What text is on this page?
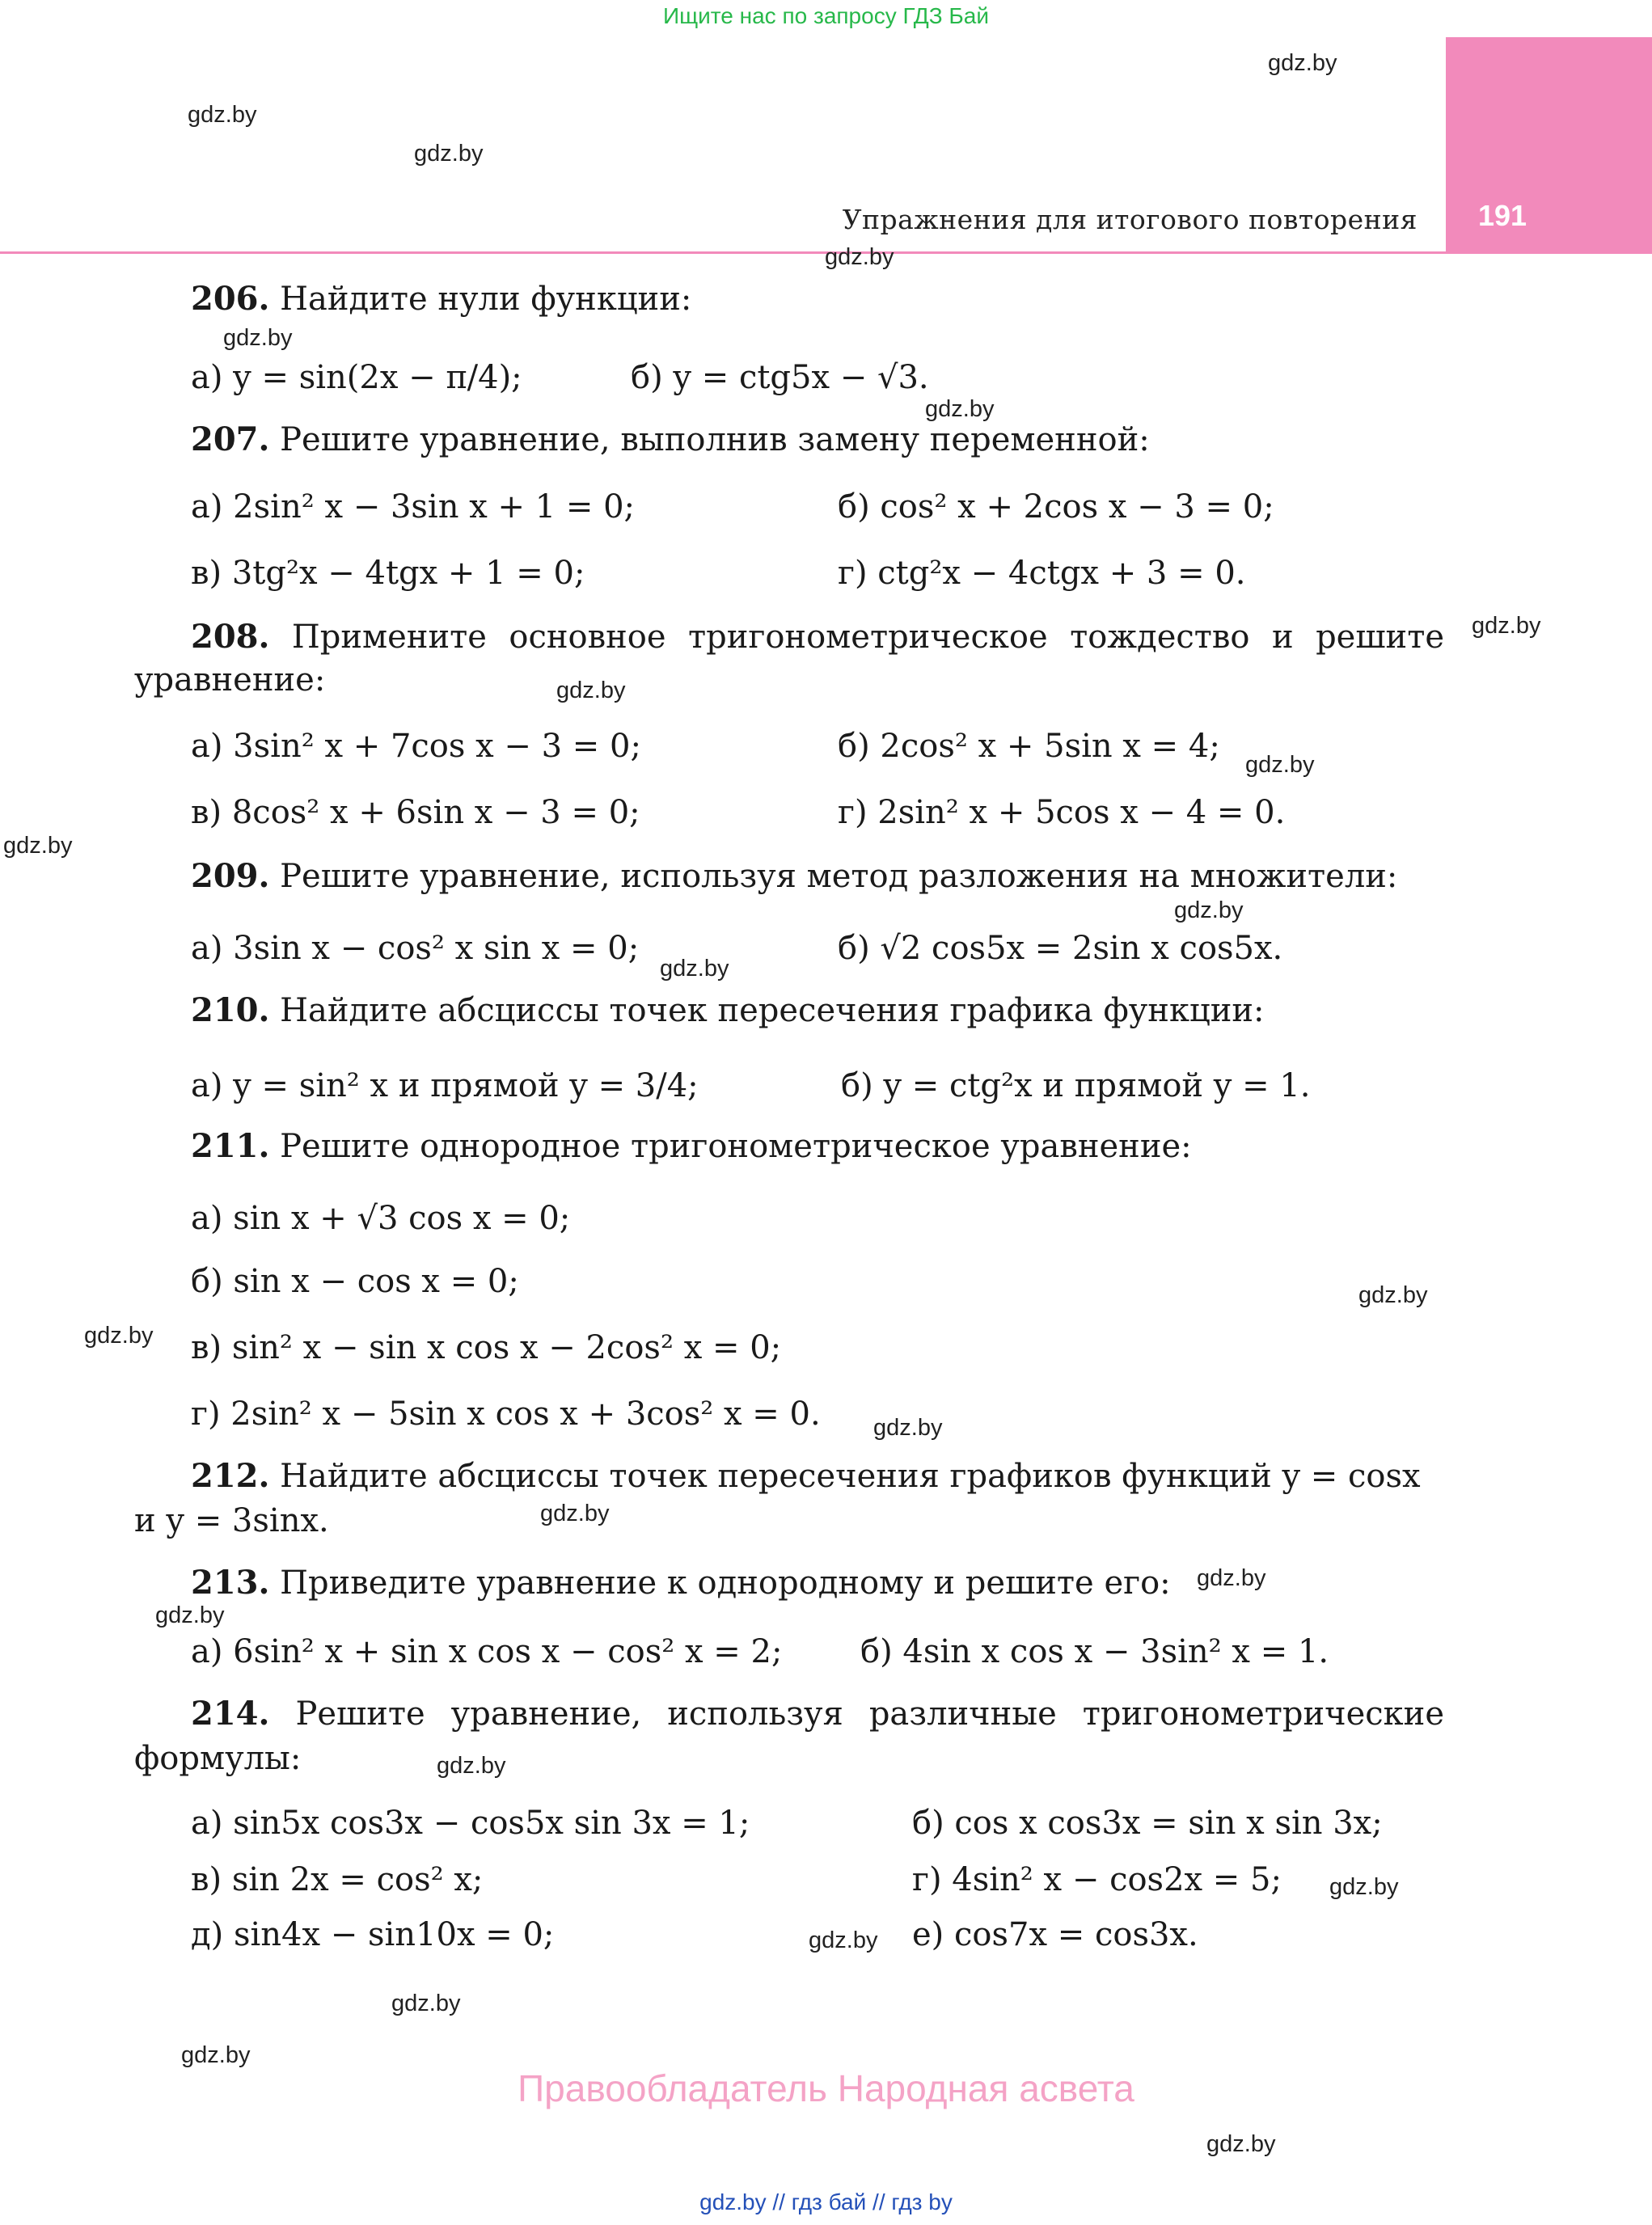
Ищите нас по запросу ГДЗ Бай
191
Упражнения для итогового повторения
gdz.by
gdz.by
gdz.by
gdz.by
gdz.by
gdz.by
gdz.by
gdz.by
gdz.by
gdz.by
gdz.by
gdz.by
gdz.by
gdz.by
gdz.by
gdz.by
gdz.by
gdz.by
gdz.by
gdz.by
gdz.by
gdz.by
gdz.by
gdz.by
206. Найдите нули функции:
а) y = sin(2x − π/4);	б) y = ctg5x − √3.
207. Решите уравнение, выполнив замену переменной:
а) 2sin² x − 3sin x + 1 = 0;	б) cos² x + 2cos x − 3 = 0;
в) 3tg²x − 4tgx + 1 = 0;	г) ctg²x − 4ctgx + 3 = 0.
208. Примените основное тригонометрическое тождество и решите
уравнение:
а) 3sin² x + 7cos x − 3 = 0;	б) 2cos² x + 5sin x = 4;
в) 8cos² x + 6sin x − 3 = 0;	г) 2sin² x + 5cos x − 4 = 0.
209. Решите уравнение, используя метод разложения на множители:
а) 3sin x − cos² x sin x = 0;	б) √2 cos5x = 2sin x cos5x.
210. Найдите абсциссы точек пересечения графика функции:
а) y = sin² x и прямой y = 3/4;	б) y = ctg²x и прямой y = 1.
211. Решите однородное тригонометрическое уравнение:
а) sin x + √3 cos x = 0;
б) sin x − cos x = 0;
в) sin² x − sin x cos x − 2cos² x = 0;
г) 2sin² x − 5sin x cos x + 3cos² x = 0.
212. Найдите абсциссы точек пересечения графиков функций y = cosx
и y = 3sinx.
213. Приведите уравнение к однородному и решите его:
а) 6sin² x + sin x cos x − cos² x = 2; б) 4sin x cos x − 3sin² x = 1.
214. Решите уравнение, используя различные тригонометрические
формулы:
а) sin5x cos3x − cos5x sin 3x = 1;	б) cos x cos3x = sin x sin 3x;
в) sin 2x = cos² x;	г) 4sin² x − cos2x = 5;
д) sin4x − sin10x = 0;	е) cos7x = cos3x.
Правообладатель Народная асвета
gdz.by // гдз бай // гдз by
